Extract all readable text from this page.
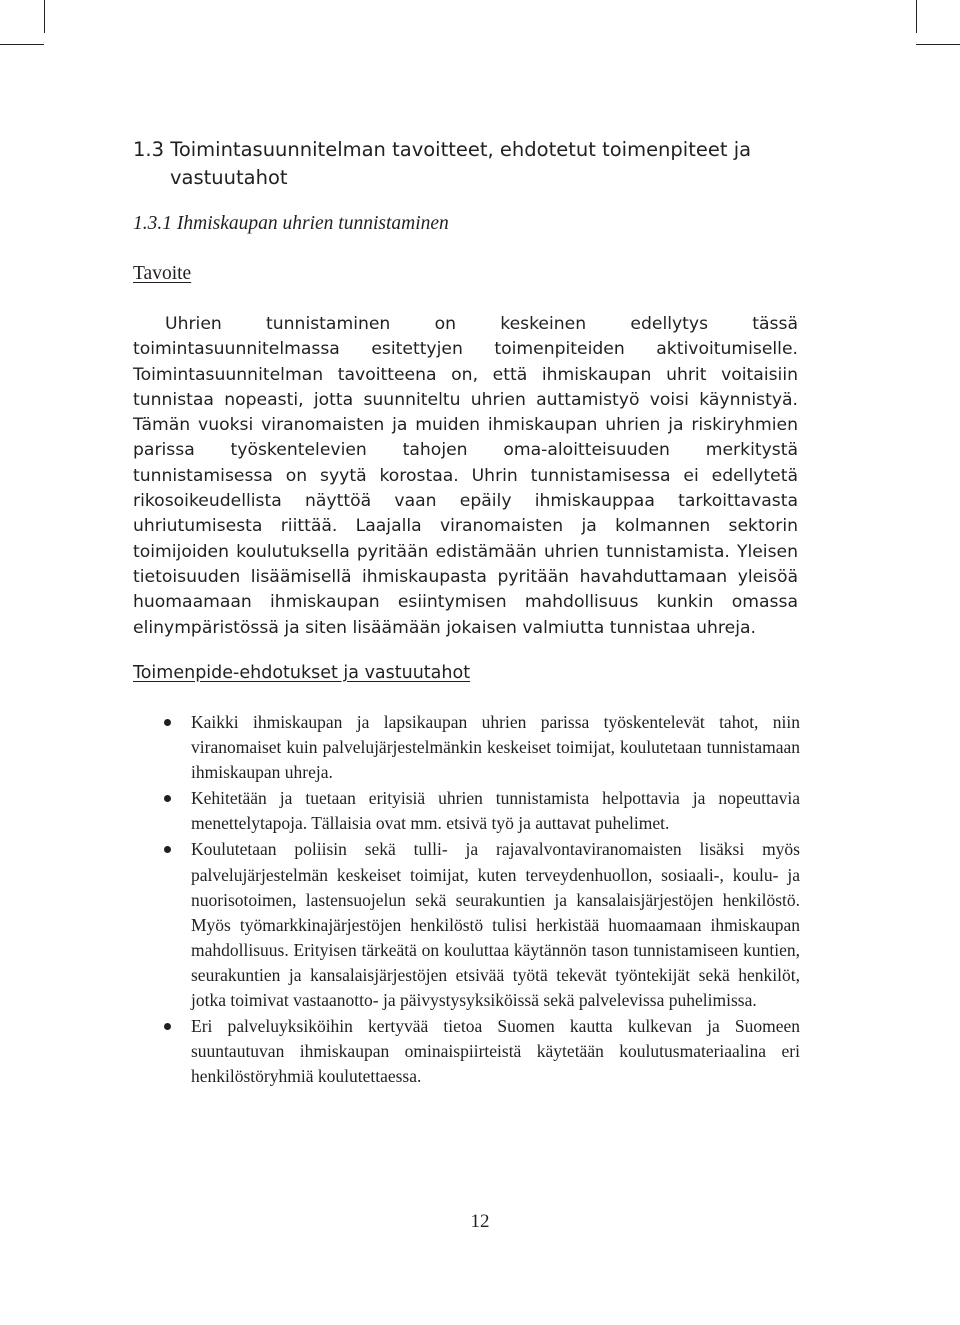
1.3 Toimintasuunnitelman tavoitteet, ehdotetut toimenpiteet ja
vastuutahot
1.3.1 Ihmiskaupan uhrien tunnistaminen
Tavoite

Uhrien tunnistaminen on keskeinen edellytys tässä toimintasuunnitelmassa esitettyjen toimenpiteiden aktivoitumiselle. Toimintasuunnitelman tavoitteena on, että ihmiskaupan uhrit voitaisiin tunnistaa nopeasti, jotta suunniteltu uhrien auttamistyö voisi käynnistyä. Tämän vuoksi viranomaisten ja muiden ihmiskaupan uhrien ja riskiryhmien parissa työskentelevien tahojen oma-aloitteisuuden merkitystä tunnistamisessa on syytä korostaa. Uhrin tunnistamisessa ei edellytetä rikosoikeudellista näyttöä vaan epäily ihmiskauppaa tarkoittavasta uhriutumisesta riittää. Laajalla viranomaisten ja kolmannen sektorin toimijoiden koulutuksella pyritään edistämään uhrien tunnistamista. Yleisen tietoisuuden lisäämisellä ihmiskaupasta pyritään havahduttamaan yleisöä huomaamaan ihmiskaupan esiintymisen mahdollisuus kunkin omassa elinympäristössä ja siten lisäämään jokaisen valmiutta tunnistaa uhreja.

Toimenpide-ehdotukset ja vastuutahot
Kaikki ihmiskaupan ja lapsikaupan uhrien parissa työskentelevät tahot, niin viranomaiset kuin palvelujärjestelmänkin keskeiset toimijat, koulutetaan tunnistamaan ihmiskaupan uhreja.
Kehitetään ja tuetaan erityisiä uhrien tunnistamista helpottavia ja nopeuttavia menettelytapoja. Tällaisia ovat mm. etsivä työ ja auttavat puhelimet.
Koulutetaan poliisin sekä tulli- ja rajavalvontaviranomaisten lisäksi myös palvelujärjestelmän keskeiset toimijat, kuten terveydenhuollon, sosiaali-, koulu- ja nuorisotoimen, lastensuojelun sekä seurakuntien ja kansalaisjärjestöjen henkilöstö. Myös työmarkkinajärjestöjen henkilöstö tulisi herkistää huomaamaan ihmiskaupan mahdollisuus. Erityisen tärkeätä on kouluttaa käytännön tason tunnistamiseen kuntien, seurakuntien ja kansalaisjärjestöjen etsivää työtä tekevät työntekijät sekä henkilöt, jotka toimivat vastaanotto- ja päivystysyksiköissä sekä palvelevissa puhelimissa.
Eri palveluyksiköihin kertyvää tietoa Suomen kautta kulkevan ja Suomeen suuntautuvan ihmiskaupan ominaispiirteistä käytetään koulutusmateriaalina eri henkilöstöryhmiä koulutettaessa.
12
